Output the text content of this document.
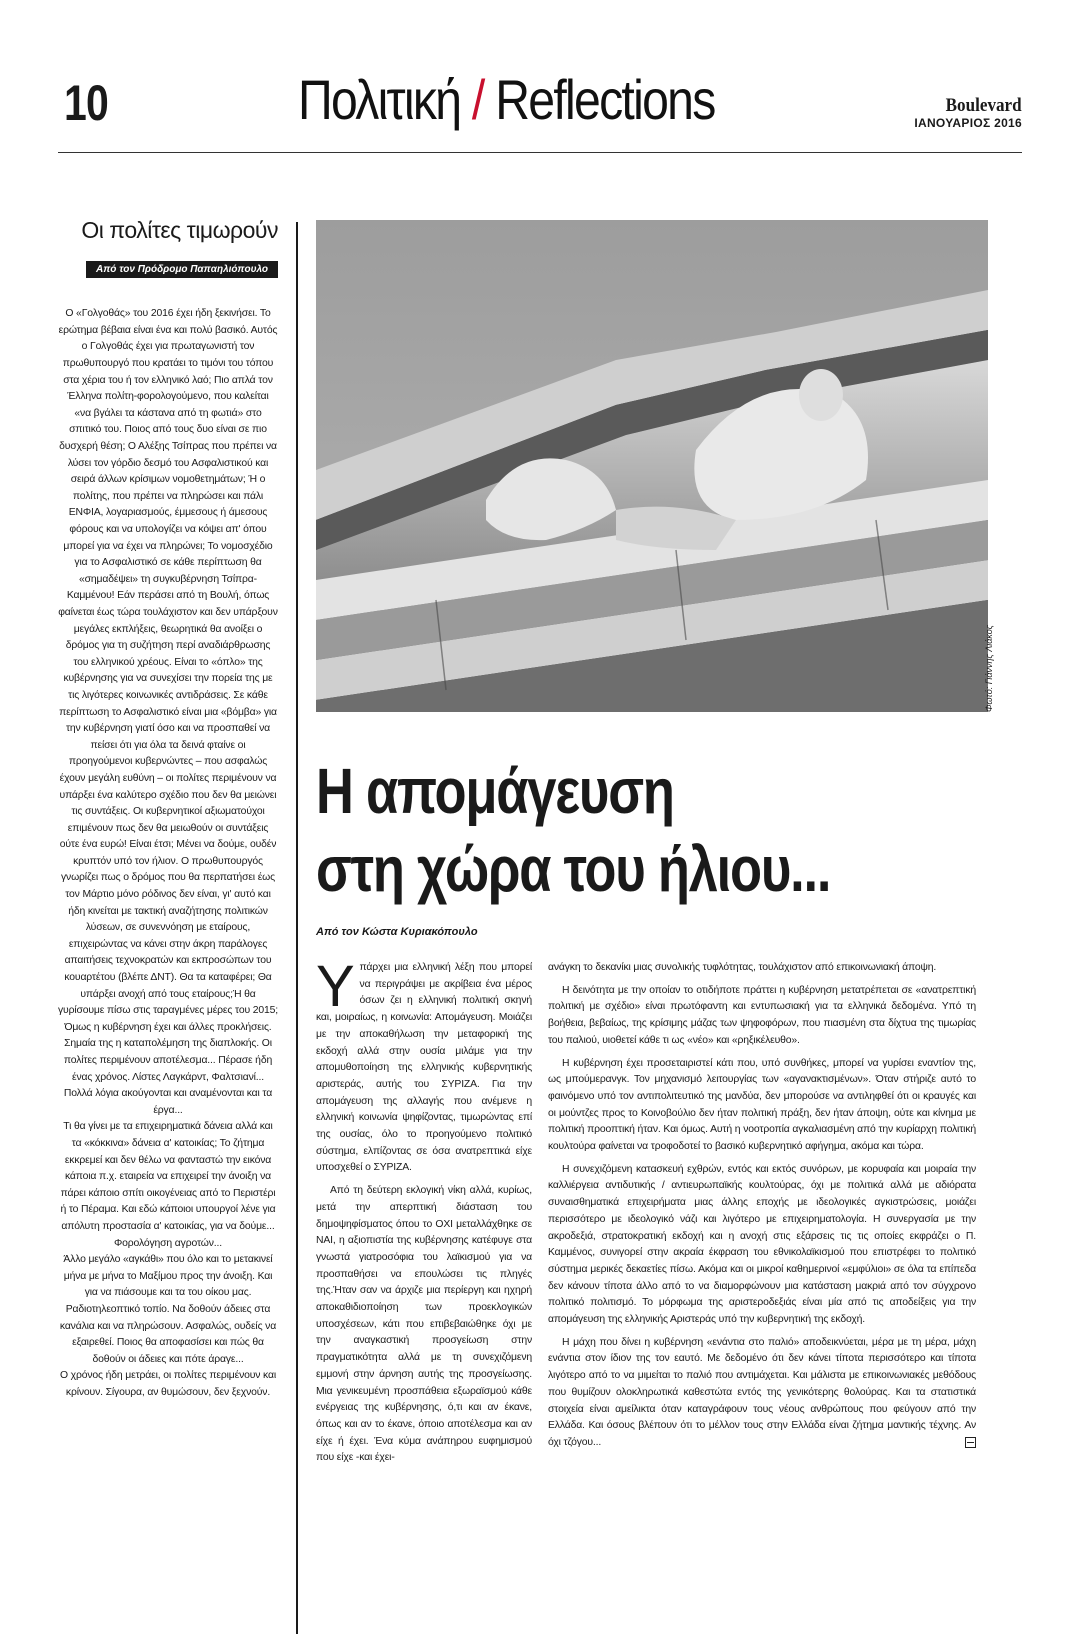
10	Πολιτική / Reflections	Boulevard
ΙΑΝΟΥΑΡΙΟΣ 2016
Οι πολίτες τιμωρούν
Από τον Πρόδρομο Παπαηλιόπουλο

Ο «Γολγοθάς» του 2016 έχει ήδη ξεκινήσει. Το ερώτημα βέβαια είναι ένα και πολύ βασικό. Αυτός ο Γολγοθάς έχει για πρωταγωνιστή τον πρωθυπουργό που κρατάει το τιμόνι του τόπου στα χέρια του ή τον ελληνικό λαό; Πιο απλά τον Έλληνα πολίτη-φορολογούμενο, που καλείται «να βγάλει τα κάστανα από τη φωτιά» στο σπιτικό του. Ποιος από τους δυο είναι σε πιο δυσχερή θέση; Ο Αλέξης Τσίπρας που πρέπει να λύσει τον γόρδιο δεσμό του Ασφαλιστικού και σειρά άλλων κρίσιμων νομοθετημάτων; Ή ο πολίτης, που πρέπει να πληρώσει και πάλι ΕΝΦΙΑ, λογαριασμούς, έμμεσους ή άμεσους φόρους και να υπολογίζει να κόψει απ' όπου μπορεί για να έχει να πληρώνει; Το νομοσχέδιο για το Ασφαλιστικό σε κάθε περίπτωση θα «σημαδέψει» τη συγκυβέρνηση Τσίπρα-Καμμένου! Εάν περάσει από τη Βουλή, όπως φαίνεται έως τώρα τουλάχιστον και δεν υπάρξουν μεγάλες εκπλήξεις, θεωρητικά θα ανοίξει ο δρόμος για τη συζήτηση περί αναδιάρθρωσης του ελληνικού χρέους. Είναι το «όπλο» της κυβέρνησης για να συνεχίσει την πορεία της με τις λιγότερες κοινωνικές αντιδράσεις. Σε κάθε περίπτωση το Ασφαλιστικό είναι μια «βόμβα» για την κυβέρνηση γιατί όσο και να προσπαθεί να πείσει ότι για όλα τα δεινά φταίνε οι προηγούμενοι κυβερνώντες – που ασφαλώς έχουν μεγάλη ευθύνη – οι πολίτες περιμένουν να υπάρξει ένα καλύτερο σχέδιο που δεν θα μειώνει τις συντάξεις. Οι κυβερνητικοί αξιωματούχοι επιμένουν πως δεν θα μειωθούν οι συντάξεις ούτε ένα ευρώ! Είναι έτσι; Μένει να δούμε, ουδέν κρυπτόν υπό τον ήλιον. Ο πρωθυπουργός γνωρίζει πως ο δρόμος που θα περπατήσει έως τον Μάρτιο μόνο ρόδινος δεν είναι, γι' αυτό και ήδη κινείται με τακτική αναζήτησης πολιτικών λύσεων, σε συνεννόηση με εταίρους, επιχειρώντας να κάνει στην άκρη παράλογες απαιτήσεις τεχνοκρατών και εκπροσώπων του κουαρτέτου (βλέπε ΔΝΤ). Θα τα καταφέρει; Θα υπάρξει ανοχή από τους εταίρους;Ή θα γυρίσουμε πίσω στις ταραγμένες μέρες του 2015; Όμως η κυβέρνηση έχει και άλλες προκλήσεις. Σημαία της η καταπολέμηση της διαπλοκής. Οι πολίτες περιμένουν αποτέλεσμα... Πέρασε ήδη ένας χρόνος. Λίστες Λαγκάρντ, Φαλτσιανί... Πολλά λόγια ακούγονται και αναμένονται και τα έργα...

Τι θα γίνει με τα επιχειρηματικά δάνεια αλλά και τα «κόκκινα» δάνεια α' κατοικίας; Το ζήτημα εκκρεμεί και δεν θέλω να φανταστώ την εικόνα κάποια π.χ. εταιρεία να επιχειρεί την άνοιξη να πάρει κάποιο σπίτι οικογένειας από το Περιστέρι ή το Πέραμα. Και εδώ κάποιοι υπουργοί λένε για απόλυτη προστασία α' κατοικίας, για να δούμε... Φορολόγηση αγροτών...

Άλλο μεγάλο «αγκάθι» που όλο και το μετακινεί μήνα με μήνα το Μαξίμου προς την άνοιξη. Και για να πιάσουμε και τα του οίκου μας. Ραδιοτηλεοπτικό τοπίο. Να δοθούν άδειες στα κανάλια και να πληρώσουν. Ασφαλώς, ουδείς να εξαιρεθεί. Ποιος θα αποφασίσει και πώς θα δοθούν οι άδειες και πότε άραγε...

Ο χρόνος ήδη μετράει, οι πολίτες περιμένουν και κρίνουν. Σίγουρα, αν θυμώσουν, δεν ξεχνούν.

Φωτό: Γιάννης Λιάκος
Η απομάγευση
στη χώρα του ήλιου...
Από τον Κώστα Κυριακόπουλο

Υπάρχει μια ελληνική λέξη που μπορεί να περιγράψει με ακρίβεια ένα μέρος όσων ζει η ελληνική πολιτική σκηνή και, μοιραίως, η κοινωνία: Απομάγευση. Μοιάζει με την αποκαθήλωση την μεταφορική της εκδοχή αλλά στην ουσία μιλάμε για την απομυθοποίηση της ελληνικής κυβερνητικής αριστεράς, αυτής του ΣΥΡΙΖΑ. Για την απομάγευση της αλλαγής που ανέμενε η ελληνική κοινωνία ψηφίζοντας, τιμωρώντας επί της ουσίας, όλο το προηγούμενο πολιτικό σύστημα, ελπίζοντας σε όσα ανατρεπτικά είχε υποσχεθεί ο ΣΥΡΙΖΑ.

Από τη δεύτερη εκλογική νίκη αλλά, κυρίως, μετά την απερπτική διάσταση του δημοψηφίσματος όπου το ΟΧΙ μεταλλάχθηκε σε ΝΑΙ, η αξιοπιστία της κυβέρνησης κατέφυγε στα γνωστά γιατροσόφια του λαϊκισμού για να προσπαθήσει να επουλώσει τις πληγές της.Ήταν σαν να άρχιζε μια περίεργη και ηχηρή αποκαθιδιοποίηση των προεκλογικών υποσχέσεων, κάτι που επιβεβαιώθηκε όχι με την αναγκαστική προσγείωση στην πραγματικότητα αλλά με τη συνεχιζόμενη εμμονή στην άρνηση αυτής της προσγείωσης. Μια γενικευμένη προσπάθεια εξωραϊσμού κάθε ενέργειας της κυβέρνησης, ό,τι και αν έκανε, όπως και αν το έκανε, όποιο αποτέλεσμα και αν είχε ή έχει. Ένα κύμα ανάπηρου ευφημισμού που είχε -και έχει-

ανάγκη το δεκανίκι μιας συνολικής τυφλότητας, τουλάχιστον από επικοινωνιακή άποψη.

Η δεινότητα με την οποίαν το οτιδήποτε πράττει η κυβέρνηση μετατρέπεται σε «ανατρεπτική πολιτική με σχέδιο» είναι πρωτόφαντη και εντυπωσιακή για τα ελληνικά δεδομένα. Υπό τη βοήθεια, βεβαίως, της κρίσιμης μάζας των ψηφοφόρων, που πιασμένη στα δίχτυα της τιμωρίας του παλιού, υιοθετεί κάθε τι ως «νέο» και «ρηξικέλευθο».

Η κυβέρνηση έχει προσεταιριστεί κάτι που, υπό συνθήκες, μπορεί να γυρίσει εναντίον της, ως μπούμερανγκ. Τον μηχανισμό λειτουργίας των «αγανακτισμένων». Όταν στήριζε αυτό το φαινόμενο υπό τον αντιπολιτευτικό της μανδύα, δεν μπορούσε να αντιληφθεί ότι οι κραυγές και οι μούντζες προς το Κοινοβούλιο δεν ήταν πολιτική πράξη, δεν ήταν άποψη, ούτε και κίνημα με πολιτική προοπτική ήταν. Και όμως. Αυτή η νοοτροπία αγκαλιασμένη από την κυρίαρχη πολιτική κουλτούρα φαίνεται να τροφοδοτεί το βασικό κυβερνητικό αφήγημα, ακόμα και τώρα.

Η συνεχιζόμενη κατασκευή εχθρών, εντός και εκτός συνόρων, με κορυφαία και μοιραία την καλλιέργεια αντιδυτικής / αντιευρωπαϊκής κουλτούρας, όχι με πολιτικά αλλά με αδιόρατα συναισθηματικά επιχειρήματα μιας άλλης εποχής με ιδεολογικές αγκιστρώσεις, μοιάζει περισσότερο με ιδεολογικό νάζι και λιγότερο με επιχειρηματολογία. Η συνεργασία με την ακροδεξιά, στρατοκρατική εκδοχή και η ανοχή στις εξάρσεις τις τις οποίες εκφράζει ο Π. Καμμένος, συνιγορεί στην ακραία έκφραση του εθνικολαϊκισμού που επιστρέφει το πολιτικό σύστημα μερικές δεκαετίες πίσω. Ακόμα και οι μικροί καθημερινοί «εμφύλιοι» σε όλα τα επίπεδα δεν κάνουν τίποτα άλλο από το να διαμορφώνουν μια κατάσταση μακριά από τον σύγχρονο πολιτικό πολιτισμό. Το μόρφωμα της αριστεροδεξιάς είναι μία από τις αποδείξεις για την απομάγευση της ελληνικής Αριστεράς υπό την κυβερνητική της εκδοχή.

Η μάχη που δίνει η κυβέρνηση «ενάντια στο παλιό» αποδεικνύεται, μέρα με τη μέρα, μάχη ενάντια στον ίδιον της τον εαυτό. Με δεδομένο ότι δεν κάνει τίποτα περισσότερο και τίποτα λιγότερο από το να μιμείται το παλιό που αντιμάχεται. Και μάλιστα με επικοινωνιακές μεθόδους που θυμίζουν ολοκληρωτικά καθεστώτα εντός της γενικότερης θολούρας. Και τα στατιστικά στοιχεία είναι αμείλικτα όταν καταγράφουν τους νέους ανθρώπους που φεύγουν από την Ελλάδα. Και όσους βλέπουν ότι το μέλλον τους στην Ελλάδα είναι ζήτημα μαντικής τέχνης. Αν όχι τζόγου...
